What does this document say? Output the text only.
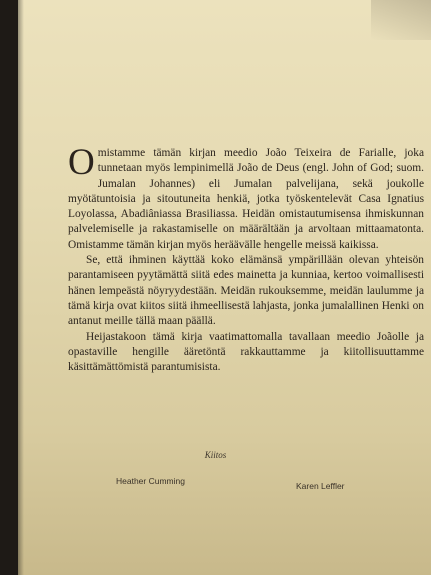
Omistamme tämän kirjan meedio João Teixeira de Farialle, joka tunnetaan myös lempinimellä João de Deus (engl. John of God; suom. Jumalan Johannes) eli Jumalan palvelijana, sekä joukolle myötätuntoisia ja sitoutuneita henkiä, jotka työskentelevät Casa Ignatius Loyolassa, Abadiâniassa Brasiliassa. Heidän omistautumisensa ihmiskunnan palvelemiselle ja rakastamiselle on määrältään ja arvoltaan mittaamatonta. Omistamme tämän kirjan myös heräävälle hengelle meissä kaikissa.

Se, että ihminen käyttää koko elämänsä ympärillään olevan yhteisön parantamiseen pyytämättä siitä edes mainetta ja kunniaa, kertoo voimallisesti hänen lempeästä nöyryydestään. Meidän rukouksemme, meidän laulumme ja tämä kirja ovat kiitos siitä ihmeellisestä lahjasta, jonka jumalallinen Henki on antanut meille tällä maan päällä.

Heijastakoon tämä kirja vaatimattomalla tavallaan meedio Joãolle ja opastaville hengille ääretöntä rakkauttamme ja kiitollisuuttamme käsittämättömistä parantumisista.

Kiitos
Heather Cumming	Karen Leffler
